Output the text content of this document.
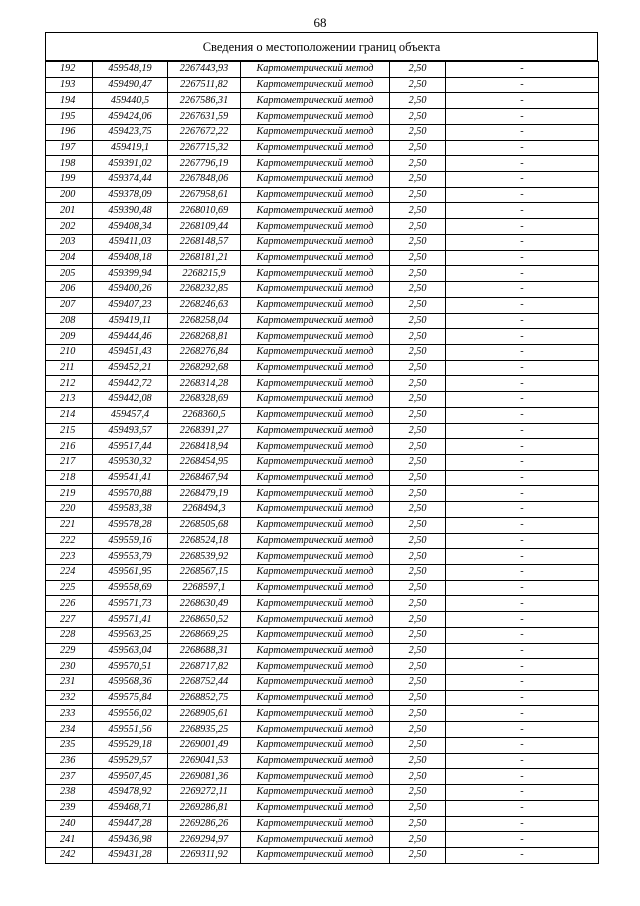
68
Сведения о местоположении границ объекта
192	459548,19	2267443,93	Картометрический метод	2,50	-
193	459490,47	2267511,82	Картометрический метод	2,50	-
194	459440,5	2267586,31	Картометрический метод	2,50	-
195	459424,06	2267631,59	Картометрический метод	2,50	-
196	459423,75	2267672,22	Картометрический метод	2,50	-
197	459419,1	2267715,32	Картометрический метод	2,50	-
198	459391,02	2267796,19	Картометрический метод	2,50	-
199	459374,44	2267848,06	Картометрический метод	2,50	-
200	459378,09	2267958,61	Картометрический метод	2,50	-
201	459390,48	2268010,69	Картометрический метод	2,50	-
202	459408,34	2268109,44	Картометрический метод	2,50	-
203	459411,03	2268148,57	Картометрический метод	2,50	-
204	459408,18	2268181,21	Картометрический метод	2,50	-
205	459399,94	2268215,9	Картометрический метод	2,50	-
206	459400,26	2268232,85	Картометрический метод	2,50	-
207	459407,23	2268246,63	Картометрический метод	2,50	-
208	459419,11	2268258,04	Картометрический метод	2,50	-
209	459444,46	2268268,81	Картометрический метод	2,50	-
210	459451,43	2268276,84	Картометрический метод	2,50	-
211	459452,21	2268292,68	Картометрический метод	2,50	-
212	459442,72	2268314,28	Картометрический метод	2,50	-
213	459442,08	2268328,69	Картометрический метод	2,50	-
214	459457,4	2268360,5	Картометрический метод	2,50	-
215	459493,57	2268391,27	Картометрический метод	2,50	-
216	459517,44	2268418,94	Картометрический метод	2,50	-
217	459530,32	2268454,95	Картометрический метод	2,50	-
218	459541,41	2268467,94	Картометрический метод	2,50	-
219	459570,88	2268479,19	Картометрический метод	2,50	-
220	459583,38	2268494,3	Картометрический метод	2,50	-
221	459578,28	2268505,68	Картометрический метод	2,50	-
222	459559,16	2268524,18	Картометрический метод	2,50	-
223	459553,79	2268539,92	Картометрический метод	2,50	-
224	459561,95	2268567,15	Картометрический метод	2,50	-
225	459558,69	2268597,1	Картометрический метод	2,50	-
226	459571,73	2268630,49	Картометрический метод	2,50	-
227	459571,41	2268650,52	Картометрический метод	2,50	-
228	459563,25	2268669,25	Картометрический метод	2,50	-
229	459563,04	2268688,31	Картометрический метод	2,50	-
230	459570,51	2268717,82	Картометрический метод	2,50	-
231	459568,36	2268752,44	Картометрический метод	2,50	-
232	459575,84	2268852,75	Картометрический метод	2,50	-
233	459556,02	2268905,61	Картометрический метод	2,50	-
234	459551,56	2268935,25	Картометрический метод	2,50	-
235	459529,18	2269001,49	Картометрический метод	2,50	-
236	459529,57	2269041,53	Картометрический метод	2,50	-
237	459507,45	2269081,36	Картометрический метод	2,50	-
238	459478,92	2269272,11	Картометрический метод	2,50	-
239	459468,71	2269286,81	Картометрический метод	2,50	-
240	459447,28	2269286,26	Картометрический метод	2,50	-
241	459436,98	2269294,97	Картометрический метод	2,50	-
242	459431,28	2269311,92	Картометрический метод	2,50	-
